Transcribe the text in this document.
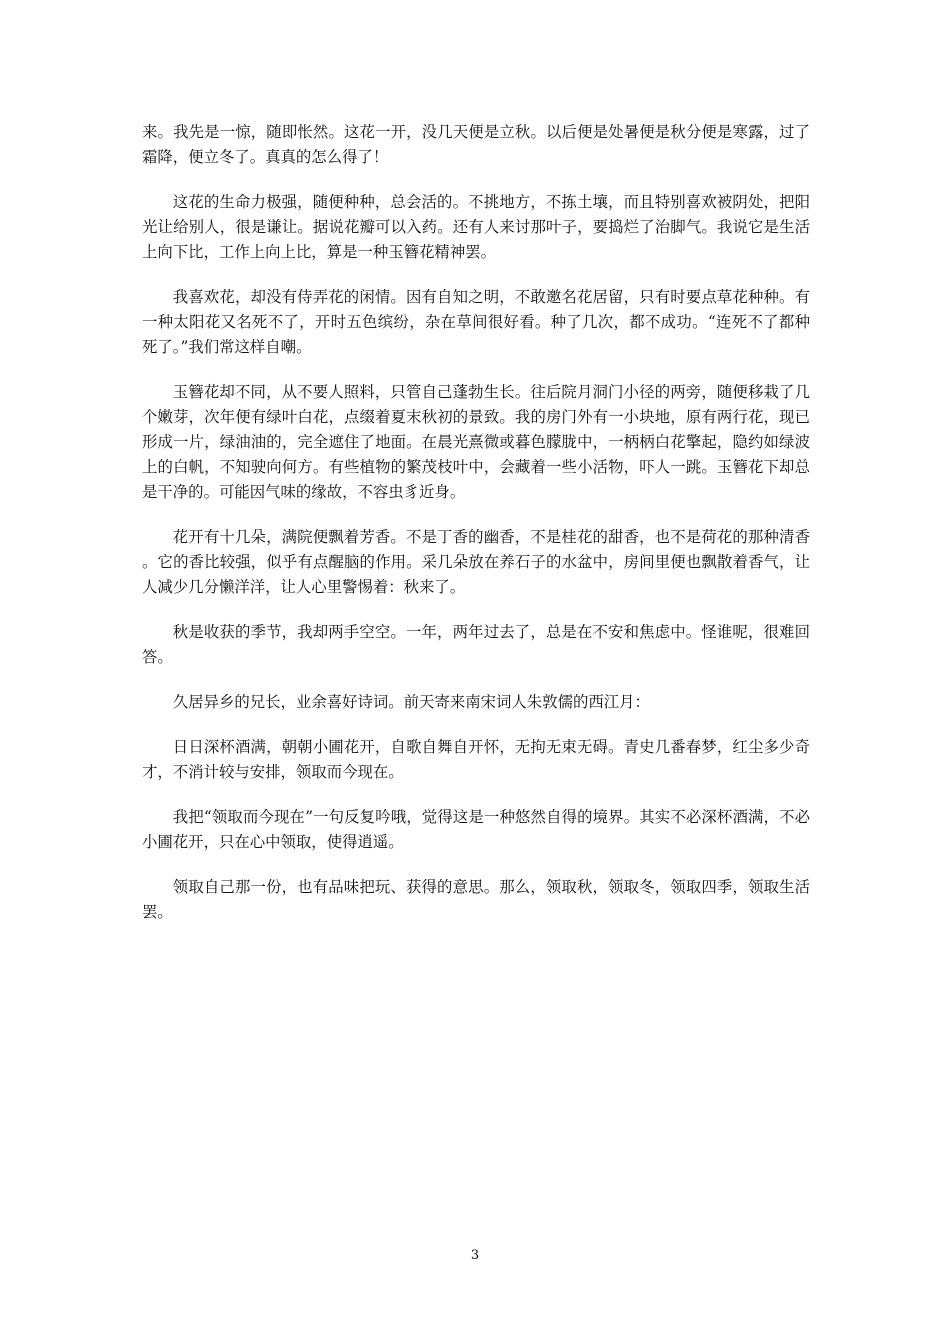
来。我先是一惊，随即怅然。这花一开，没几天便是立秋。以后便是处暑便是秋分便是寒露，过了霜降，便立冬了。真真的怎么得了！

这花的生命力极强，随便种种，总会活的。不挑地方，不拣土壤，而且特别喜欢被阴处，把阳光让给别人，很是谦让。据说花瓣可以入药。还有人来讨那叶子，要捣烂了治脚气。我说它是生活上向下比，工作上向上比，算是一种玉簪花精神罢。

我喜欢花，却没有侍弄花的闲情。因有自知之明，不敢邀名花居留，只有时要点草花种种。有一种太阳花又名死不了，开时五色缤纷，杂在草间很好看。种了几次，都不成功。“连死不了都种死了。”我们常这样自嘲。

玉簪花却不同，从不要人照料，只管自己蓬勃生长。往后院月洞门小径的两旁，随便移栽了几个嫩芽，次年便有绿叶白花，点缀着夏末秋初的景致。我的房门外有一小块地，原有两行花，现已形成一片，绿油油的，完全遮住了地面。在晨光熹微或暮色朦胧中，一柄柄白花擎起，隐约如绿波上的白帆，不知驶向何方。有些植物的繁茂枝叶中，会藏着一些小活物，吓人一跳。玉簪花下却总是干净的。可能因气味的缘故，不容虫豸近身。

花开有十几朵，满院便飘着芳香。不是丁香的幽香，不是桂花的甜香，也不是荷花的那种清香。它的香比较强，似乎有点醒脑的作用。采几朵放在养石子的水盆中，房间里便也飘散着香气，让人减少几分懒洋洋，让人心里警惕着：秋来了。

秋是收获的季节，我却两手空空。一年，两年过去了，总是在不安和焦虑中。怪谁呢，很难回答。

久居异乡的兄长，业余喜好诗词。前天寄来南宋词人朱敦儒的西江月：

日日深杯酒满，朝朝小圃花开，自歌自舞自开怀，无拘无束无碍。青史几番春梦，红尘多少奇才，不消计较与安排，领取而今现在。

我把“领取而今现在”一句反复吟哦，觉得这是一种悠然自得的境界。其实不必深杯酒满，不必小圃花开，只在心中领取，使得逍遥。

领取自己那一份，也有品味把玩、获得的意思。那么，领取秋，领取冬，领取四季，领取生活罢。

3
